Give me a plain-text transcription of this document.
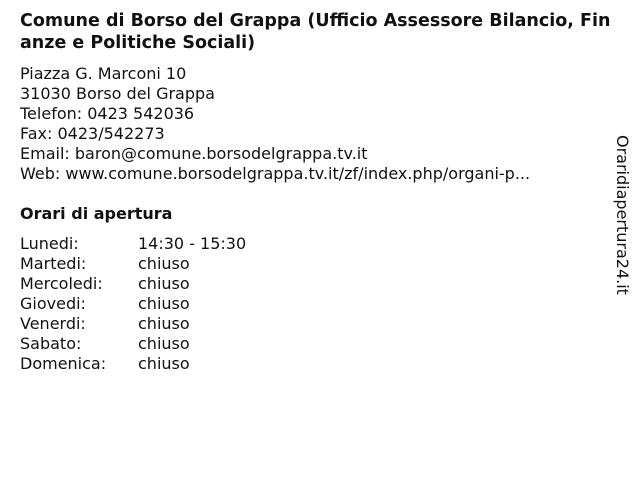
Comune di Borso del Grappa (Ufficio Assessore Bilancio, Finanze e Politiche Sociali)
Piazza G. Marconi 10
31030 Borso del Grappa
Telefon: 0423 542036
Fax: 0423/542273
Email: baron@comune.borsodelgrappa.tv.it
Web: www.comune.borsodelgrappa.tv.it/zf/index.php/organi-p...
Orari di apertura
Lunedi:	14:30 - 15:30
Martedi:	chiuso
Mercoledi:	chiuso
Giovedi:	chiuso
Venerdi:	chiuso
Sabato:	chiuso
Domenica:	chiuso
Oraridiapertura24.it
